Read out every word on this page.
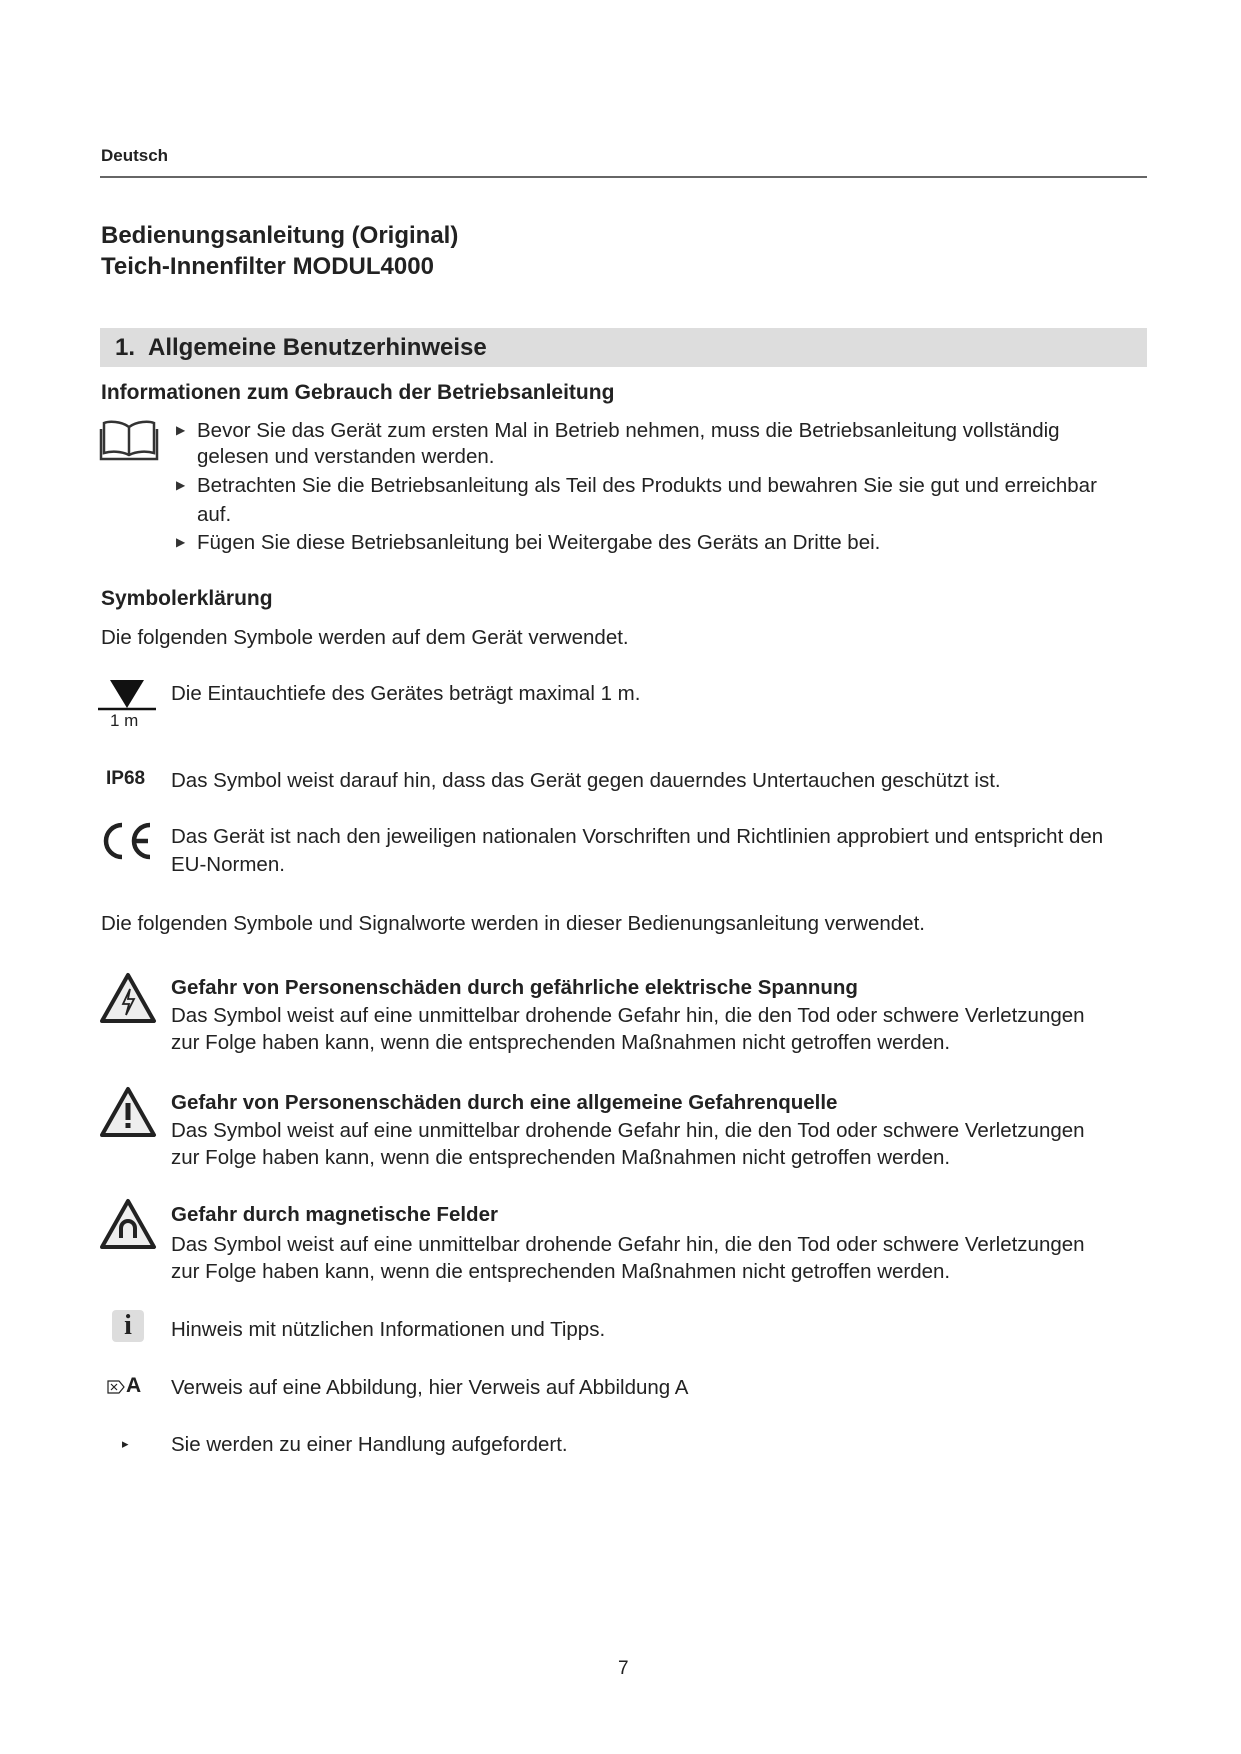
Deutsch
Bedienungsanleitung (Original)
Teich-Innenfilter MODUL4000
1. Allgemeine Benutzerhinweise
Informationen zum Gebrauch der Betriebsanleitung
▶ Bevor Sie das Gerät zum ersten Mal in Betrieb nehmen, muss die Betriebsanleitung vollständig
gelesen und verstanden werden.
▶ Betrachten Sie die Betriebsanleitung als Teil des Produkts und bewahren Sie sie gut und erreichbar
auf.
▶ Fügen Sie diese Betriebsanleitung bei Weitergabe des Geräts an Dritte bei.
Symbolerklärung
Die folgenden Symbole werden auf dem Gerät verwendet.
1 m
Die Eintauchtiefe des Gerätes beträgt maximal 1 m.
IP68 Das Symbol weist darauf hin, dass das Gerät gegen dauerndes Untertauchen geschützt ist.
Das Gerät ist nach den jeweiligen nationalen Vorschriften und Richtlinien approbiert und entspricht den
EU-Normen.
Die folgenden Symbole und Signalworte werden in dieser Bedienungsanleitung verwendet.
Gefahr von Personenschäden durch gefährliche elektrische Spannung
Das Symbol weist auf eine unmittelbar drohende Gefahr hin, die den Tod oder schwere Verletzungen
zur Folge haben kann, wenn die entsprechenden Maßnahmen nicht getroffen werden.
Gefahr von Personenschäden durch eine allgemeine Gefahrenquelle
Das Symbol weist auf eine unmittelbar drohende Gefahr hin, die den Tod oder schwere Verletzungen
zur Folge haben kann, wenn die entsprechenden Maßnahmen nicht getroffen werden.
Gefahr durch magnetische Felder
Das Symbol weist auf eine unmittelbar drohende Gefahr hin, die den Tod oder schwere Verletzungen
zur Folge haben kann, wenn die entsprechenden Maßnahmen nicht getroffen werden.
i	Hinweis mit nützlichen Informationen und Tipps.
A Verweis auf eine Abbildung, hier Verweis auf Abbildung A
▸ Sie werden zu einer Handlung aufgefordert.
7
